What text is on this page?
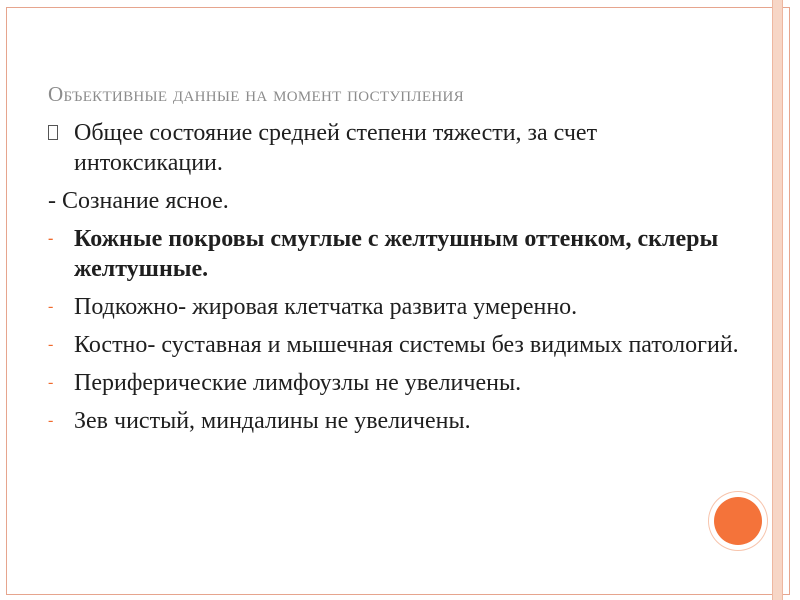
ОБЪЕКТИВНЫЕ ДАННЫЕ НА МОМЕНТ ПОСТУПЛЕНИЯ
Общее состояние средней степени тяжести, за счет интоксикации.
- Сознание ясное.
- Кожные покровы смуглые с желтушным оттенком, склеры желтушные.
- Подкожно- жировая клетчатка развита умеренно.
- Костно- суставная и мышечная системы без видимых патологий.
- Периферические лимфоузлы не увеличены.
- Зев чистый, миндалины не увеличены.
